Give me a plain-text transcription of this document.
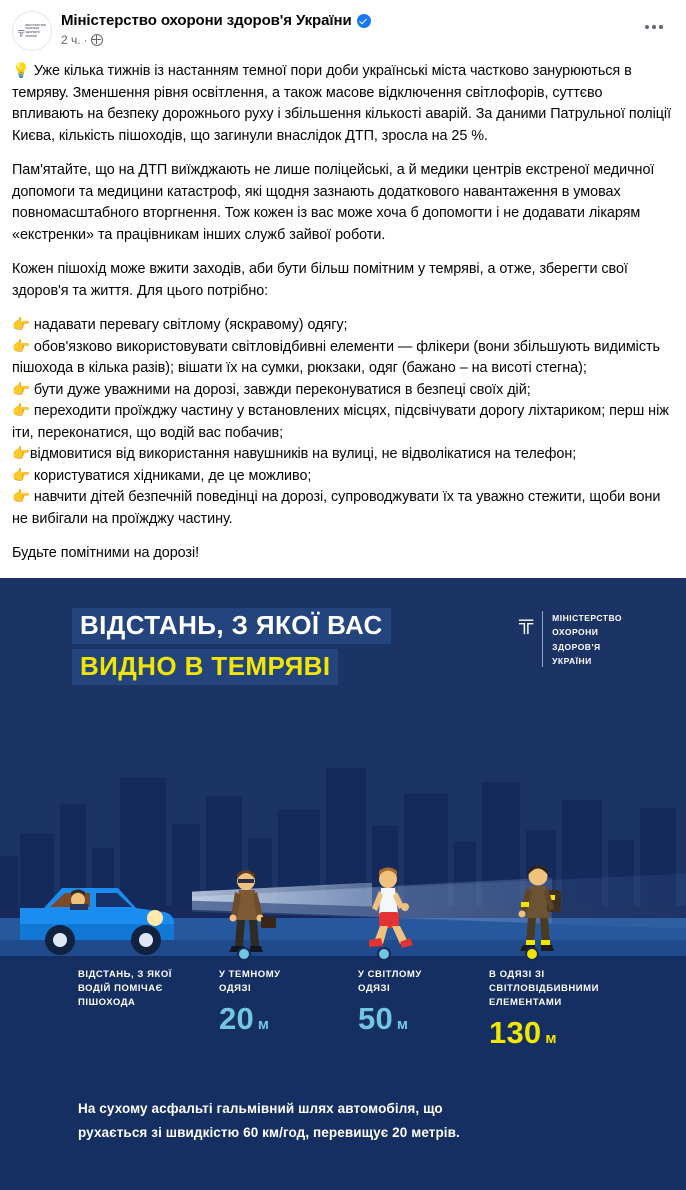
╦
МІНІСТЕРСТВО
ОХОРОНИ
ЗДОРОВ'Я
УКРАЇНИ
Міністерство охорони здоров'я України
2 ч. ·
💡 Уже кілька тижнів із настанням темної пори доби українські міста частково занурюються в темряву. Зменшення рівня освітлення, а також масове відключення світлофорів, суттєво впливають на безпеку дорожнього руху і збільшення кількості аварій. За даними Патрульної поліції Києва, кількість пішоходів, що загинули внаслідок ДТП, зросла на 25 %.
Пам'ятайте, що на ДТП виїжджають не лише поліцейські, а й медики центрів екстреної медичної допомоги та медицини катастроф, які щодня зазнають додаткового навантаження в умовах повномасштабного вторгнення. Тож кожен із вас може хоча б допомогти і не додавати лікарям «екстренки» та працівникам інших служб зайвої роботи.
Кожен пішохід може вжити заходів, аби бути більш помітним у темряві, а отже, зберегти свої здоров'я та життя. Для цього потрібно:
👉 надавати перевагу світлому (яскравому) одягу;
👉 обов'язково використовувати світловідбивні елементи — флікери (вони збільшують видимість пішохода в кілька разів); вішати їх на сумки, рюкзаки, одяг (бажано – на висоті стегна);
👉 бути дуже уважними на дорозі, завжди переконуватися в безпеці своїх дій;
👉 переходити проїжджу частину у встановлених місцях, підсвічувати дорогу ліхтариком; перш ніж іти, переконатися, що водій вас побачив;
👉відмовитися від використання навушників на вулиці, не відволікатися на телефон;
👉 користуватися хідниками, де це можливо;
👉 навчити дітей безпечній поведінці на дорозі, супроводжувати їх та уважно стежити, щоби вони не вибігали на проїжджу частину.
Будьте помітними на дорозі!
ВІДСТАНЬ, З ЯКОЇ ВАС
ВИДНО В ТЕМРЯВІ
╦ МІНІСТЕРСТВО
ОХОРОНИ
ЗДОРОВ'Я
УКРАЇНИ
ВІДСТАНЬ, З ЯКОЇ
ВОДІЙ ПОМІЧАЄ
ПІШОХОДА
У ТЕМНОМУ
ОДЯЗІ
20 м
У СВІТЛОМУ
ОДЯЗІ
50 м
В ОДЯЗІ ЗІ
СВІТЛОВІДБИВНИМИ
ЕЛЕМЕНТАМИ
130 м
На сухому асфальті гальмівний шлях автомобіля, що
рухається зі швидкістю 60 км/год, перевищує 20 метрів.
